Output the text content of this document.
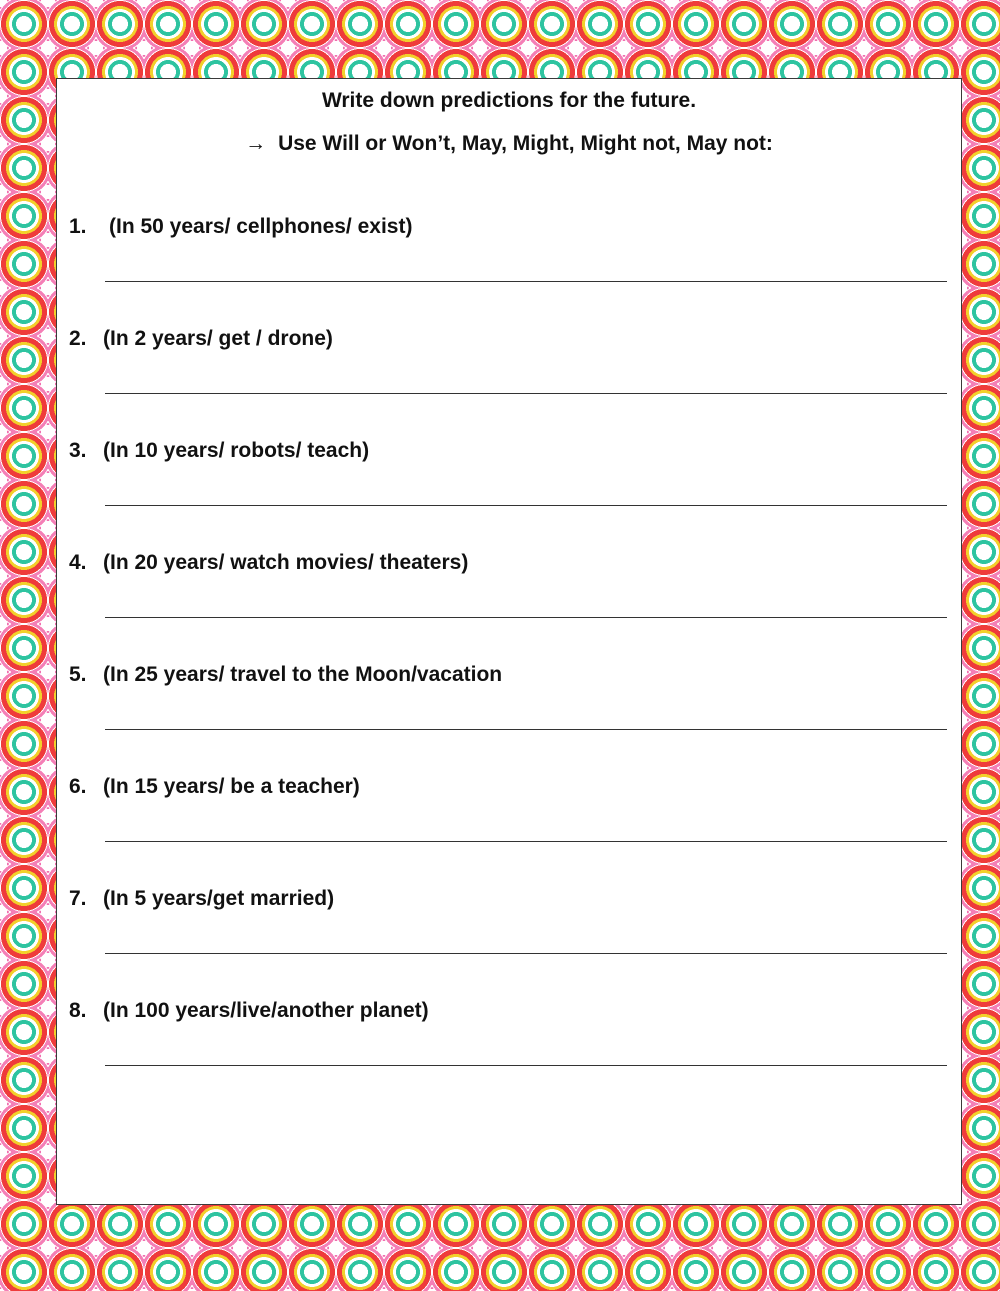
Write down predictions for the future.
→ Use Will or Won’t, May, Might, Might not, May not:
1. (In 50 years/ cellphones/ exist)
2. (In 2 years/ get / drone)
3. (In 10 years/ robots/ teach)
4. (In 20 years/ watch movies/ theaters)
5. (In 25 years/ travel to the Moon/vacation
6. (In 15 years/ be a teacher)
7. (In 5 years/get married)
8. (In 100 years/live/another planet)
